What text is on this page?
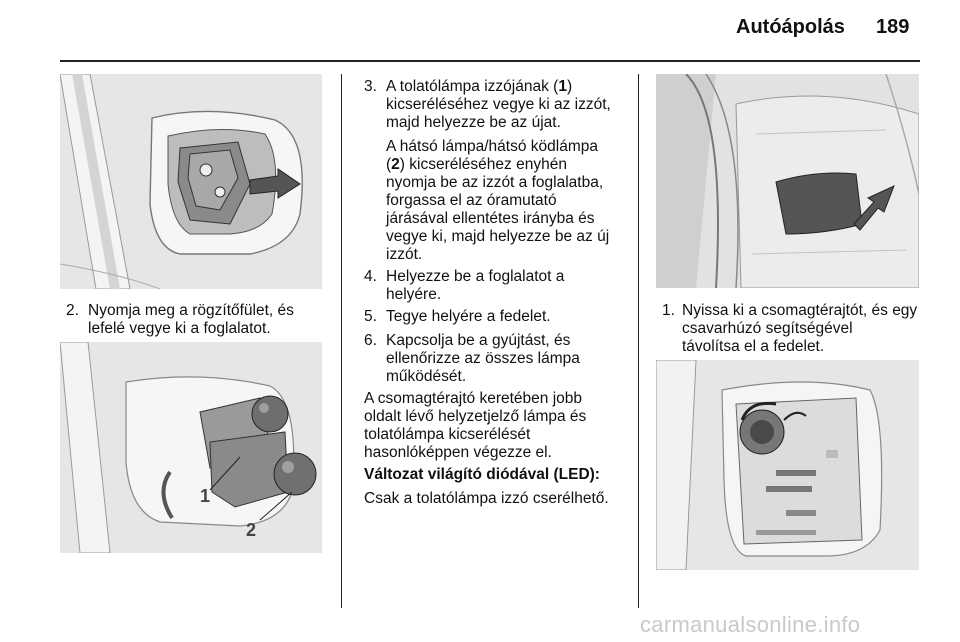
Autóápolás 189
2. Nyomja meg a rögzítőfület, és
lefelé vegye ki a foglalatot.
1
2
3. A tolatólámpa izzójának (1)
kicseréléséhez vegye ki az izzót,
majd helyezze be az újat.
A hátsó lámpa/hátsó ködlámpa
(2) kicseréléséhez enyhén
nyomja be az izzót a foglalatba,
forgassa el az óramutató
járásával ellentétes irányba és
vegye ki, majd helyezze be az új
izzót.
4. Helyezze be a foglalatot a
helyére.
5. Tegye helyére a fedelet.
6. Kapcsolja be a gyújtást, és
ellenőrizze az összes lámpa
működését.
A csomagtérajtó keretében jobb
oldalt lévő helyzetjelző lámpa és
tolatólámpa kicserélését
hasonlóképpen végezze el.
Változat világító diódával (LED):
Csak a tolatólámpa izzó cserélhető.
1. Nyissa ki a csomagtérajtót, és egy
csavarhúzó segítségével
távolítsa el a fedelet.
carmanualsonline.info
